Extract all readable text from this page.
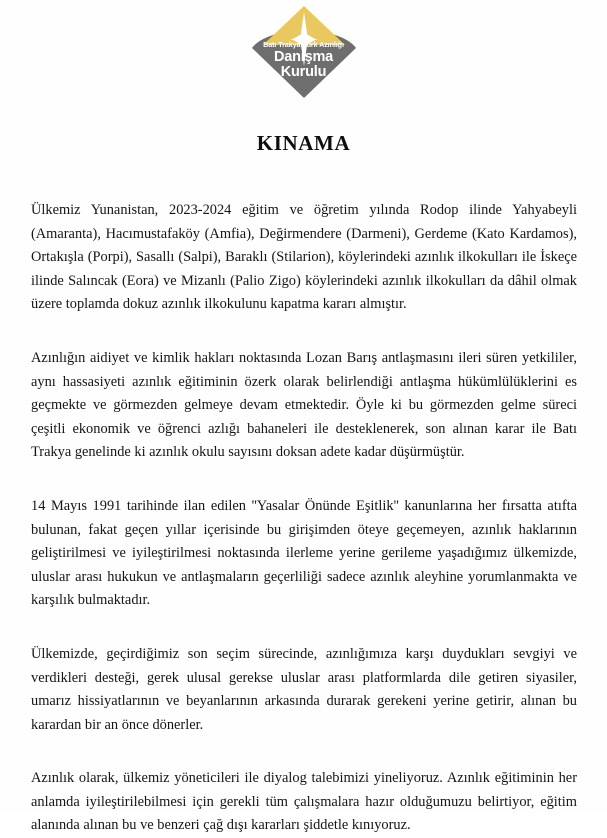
Batı Trakya Türk Azınlığı
Danışma
Kurulu
KINAMA

Ülkemiz Yunanistan, 2023-2024 eğitim ve öğretim yılında Rodop ilinde Yahyabeyli (Amaranta), Hacımustafaköy (Amfia), Değirmendere (Darmeni), Gerdeme (Kato Kardamos), Ortakışla (Porpi), Sasallı (Salpi), Baraklı (Stilarion), köylerindeki azınlık ilkokulları ile İskeçe ilinde Salıncak (Eora) ve Mizanlı (Palio Zigo) köylerindeki azınlık ilkokulları da dâhil olmak üzere toplamda dokuz azınlık ilkokulunu kapatma kararı almıştır.

Azınlığın aidiyet ve kimlik hakları noktasında Lozan Barış antlaşmasını ileri süren yetkililer, aynı hassasiyeti azınlık eğitiminin özerk olarak belirlendiği antlaşma hükümlülüklerini es geçmekte ve görmezden gelmeye devam etmektedir. Öyle ki bu görmezden gelme süreci çeşitli ekonomik ve öğrenci azlığı bahaneleri ile desteklenerek, son alınan karar ile Batı Trakya genelinde ki azınlık okulu sayısını doksan adete kadar düşürmüştür.

14 Mayıs 1991 tarihinde ilan edilen ''Yasalar Önünde Eşitlik'' kanunlarına her fırsatta atıfta bulunan, fakat geçen yıllar içerisinde bu girişimden öteye geçemeyen, azınlık haklarının geliştirilmesi ve iyileştirilmesi noktasında ilerleme yerine gerileme yaşadığımız ülkemizde, uluslar arası hukukun ve antlaşmaların geçerliliği sadece azınlık aleyhine yorumlanmakta ve karşılık bulmaktadır.

Ülkemizde, geçirdiğimiz son seçim sürecinde, azınlığımıza karşı duydukları sevgiyi ve verdikleri desteği, gerek ulusal gerekse uluslar arası platformlarda dile getiren siyasiler, umarız hissiyatlarının ve beyanlarının arkasında durarak gerekeni yerine getirir, alınan bu karardan bir an önce dönerler.

Azınlık olarak, ülkemiz yöneticileri ile diyalog talebimizi yineliyoruz. Azınlık eğitiminin her anlamda iyileştirilebilmesi için gerekli tüm çalışmalara hazır olduğumuzu belirtiyor, eğitim alanında alınan bu ve benzeri çağ dışı kararları şiddetle kınıyoruz.
